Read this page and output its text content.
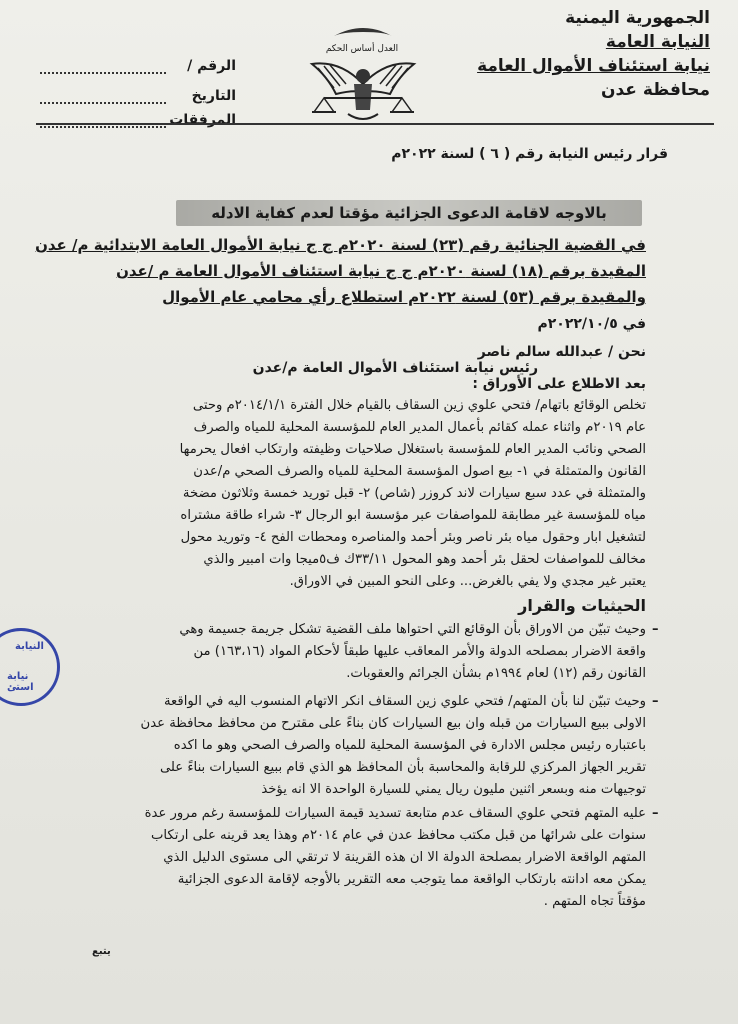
الجمهورية اليمنية
النيابة العامة
نيابة استئناف الأموال العامة
محافظة عدن
العدل أساس الحكم
الرقم /
التاريخ
المرفقات
قرار رئيس النيابة رقم ( ٦ ) لسنة ٢٠٢٢م
بالاوجه لاقامة الدعوى الجزائية مؤقتا لعدم كفاية الادله
في القضية الجنائية رقم (٢٣) لسنة ٢٠٢٠م ج ج نيابة الأموال العامة الابتدائية م/ عدن
المقيدة برقم (١٨) لسنة ٢٠٢٠م ج ج نيابة استئناف الأموال العامة م /عدن
والمقيدة برقم (٥٣) لسنة ٢٠٢٢م استطلاع رأي محامي عام الأموال
في ٢٠٢٢/١٠/٥م
نحن / عبدالله سالم ناصر
رئيس نيابة استئناف الأموال العامة م/عدن
بعد الاطلاع على الأوراق :
تخلص الوقائع باتهام/ فتحي علوي زين السقاف بالقيام خلال الفترة ٢٠١٤/١/١م وحتى
عام ٢٠١٩م واثناء عمله كقائم بأعمال المدير العام للمؤسسة المحلية للمياه والصرف
الصحي ونائب المدير العام للمؤسسة باستغلال صلاحيات وظيفته وارتكاب افعال يحرمها
القانون والمتمثلة في ١- بيع اصول المؤسسة المحلية للمياه والصرف الصحي م/عدن
والمتمثلة في عدد سبع سيارات لاند كروزر (شاص) ٢- قبل توريد خمسة وثلاثون مضخة
مياه للمؤسسة غير مطابقة للمواصفات عبر مؤسسة ابو الرجال ٣- شراء طاقة مشتراه
لتشغيل ابار وحقول مياه بئر ناصر وبئر أحمد والمناصره ومحطات الفح ٤- وتوريد محول
مخالف للمواصفات لحقل بئر أحمد وهو المحول ٣٣/١١ك ف٥ميجا وات امبير والذي
يعتبر غير مجدي ولا يفي بالغرض... وعلى النحو المبين في الاوراق.
الحيثيات والقرار
–
وحيث تبيّن من الاوراق بأن الوقائع التي احتواها ملف القضية تشكل جريمة جسيمة وهي
واقعة الاضرار بمصلحه الدولة والأمر المعاقب عليها طبقاً لأحكام المواد (١٦٣،١٦) من
القانون رقم (١٢) لعام ١٩٩٤م بشأن الجرائم والعقوبات.
–
وحيث تبيّن لنا بأن المتهم/ فتحي علوي زين السقاف انكر الاتهام المنسوب اليه في الواقعة
الاولى ببيع السيارات من قبله وان بيع السيارات كان بناءً على مقترح من محافظ محافظة عدن
باعتباره رئيس مجلس الادارة في المؤسسة المحلية للمياه والصرف الصحي وهو ما اكده
تقرير الجهاز المركزي للرقابة والمحاسبة بأن المحافظ هو الذي قام ببيع السيارات بناءً على
توجيهات منه وبسعر اثنين مليون ريال يمني للسيارة الواحدة الا انه يؤخذ
–
عليه المتهم فتحي علوي السقاف عدم متابعة تسديد قيمة السيارات للمؤسسة رغم مرور عدة
سنوات على شرائها من قبل مكتب محافظ عدن في عام ٢٠١٤م وهذا يعد قرينه على ارتكاب
المتهم الواقعة الاضرار بمصلحة الدولة الا ان هذه القرينة لا ترتقي الى مستوى الدليل الذي
يمكن معه ادانته بارتكاب الواقعة مما يتوجب معه التقرير بالأوجه لإقامة الدعوى الجزائية
مؤقتاً تجاه المتهم .
النيابة
نيابة استئ
يتبع
